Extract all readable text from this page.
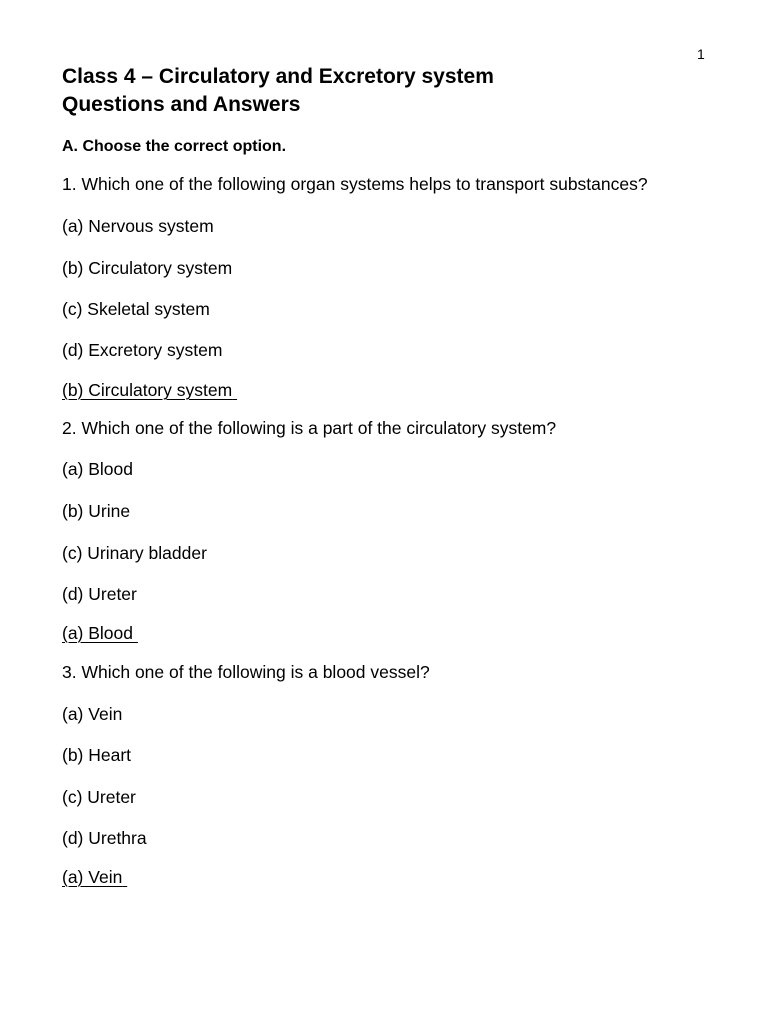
1
Class 4 – Circulatory and Excretory system
Questions and Answers
A. Choose the correct option.
1. Which one of the following organ systems helps to transport substances?
(a) Nervous system
(b) Circulatory system
(c) Skeletal system
(d) Excretory system
(b) Circulatory system
2. Which one of the following is a part of the circulatory system?
(a) Blood
(b) Urine
(c) Urinary bladder
(d) Ureter
(a) Blood
3. Which one of the following is a blood vessel?
(a) Vein
(b) Heart
(c) Ureter
(d) Urethra
(a) Vein
